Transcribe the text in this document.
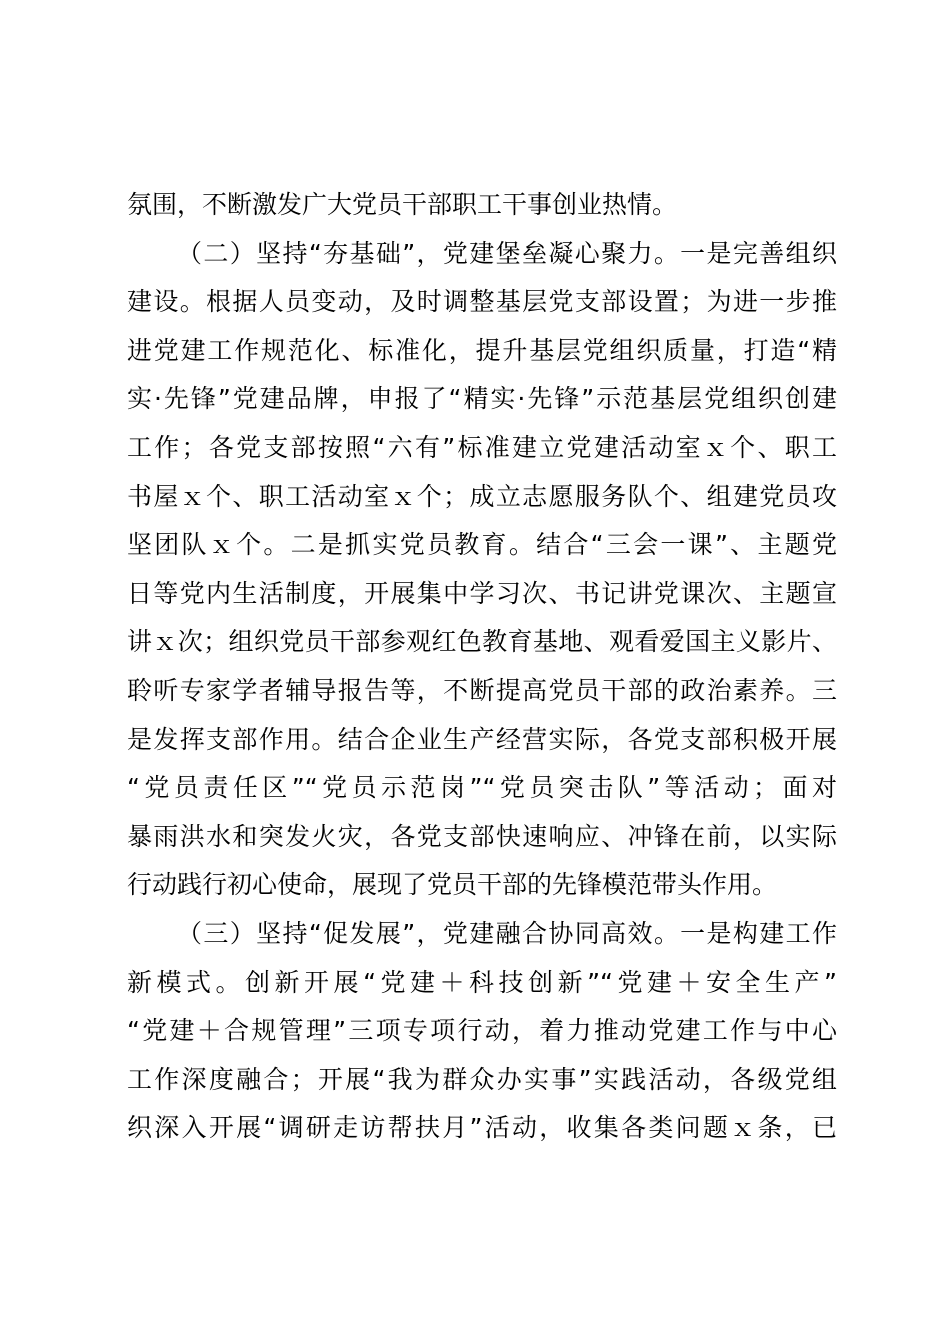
氛围，不断激发广大党员干部职工干事创业热情。
（二）坚持“夯基础”，党建堡垒凝心聚力。一是完善组织
建设。根据人员变动，及时调整基层党支部设置；为进一步推
进党建工作规范化、标准化，提升基层党组织质量，打造“精
实·先锋”党建品牌，申报了“精实·先锋”示范基层党组织创建
工作；各党支部按照“六有”标准建立党建活动室ｘ个、职工
书屋ｘ个、职工活动室ｘ个；成立志愿服务队个、组建党员攻
坚团队ｘ个。二是抓实党员教育。结合“三会一课”、主题党
日等党内生活制度，开展集中学习次、书记讲党课次、主题宣
讲ｘ次；组织党员干部参观红色教育基地、观看爱国主义影片、
聆听专家学者辅导报告等，不断提高党员干部的政治素养。三
是发挥支部作用。结合企业生产经营实际，各党支部积极开展
“党员责任区”“党员示范岗”“党员突击队”等活动；面对
暴雨洪水和突发火灾，各党支部快速响应、冲锋在前，以实际
行动践行初心使命，展现了党员干部的先锋模范带头作用。
（三）坚持“促发展”，党建融合协同高效。一是构建工作
新模式。创新开展“党建＋科技创新”“党建＋安全生产”
“党建＋合规管理”三项专项行动，着力推动党建工作与中心
工作深度融合；开展“我为群众办实事”实践活动，各级党组
织深入开展“调研走访帮扶月”活动，收集各类问题ｘ条，已
